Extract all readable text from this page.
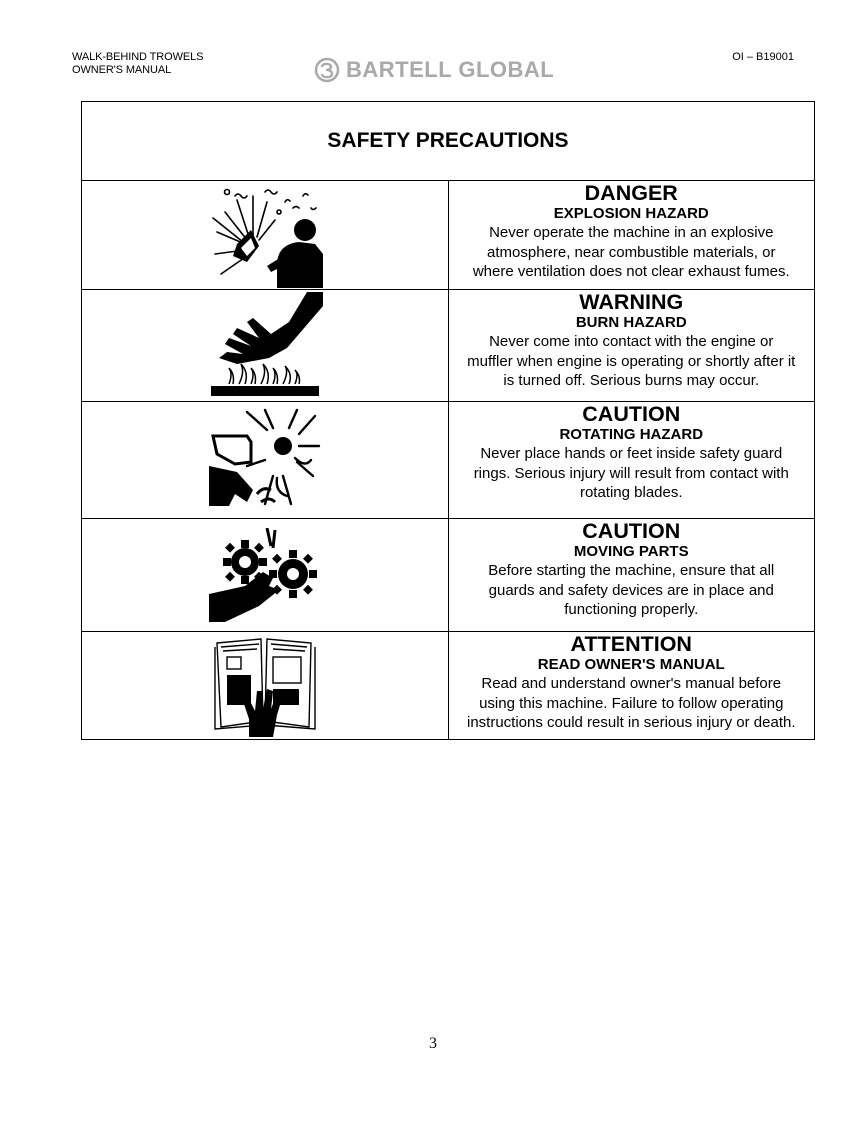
WALK-BEHIND TROWELS
OWNER'S MANUAL	BARTELL GLOBAL	OI – B19001
SAFETY PRECAUTIONS	

DANGER
EXPLOSION HAZARD
Never operate the machine in an explosive
atmosphere, near combustible materials, or
where ventilation does not clear exhaust fumes.

WARNING
BURN HAZARD
Never come into contact with the engine or
muffler when engine is operating or shortly after it
is turned off. Serious burns may occur.

CAUTION
ROTATING HAZARD
Never place hands or feet inside safety guard
rings. Serious injury will result from contact with
rotating blades.

CAUTION
MOVING PARTS
Before starting the machine, ensure that all
guards and safety devices are in place and
functioning properly.

ATTENTION
READ OWNER'S MANUAL
Read and understand owner's manual before
using this machine. Failure to follow operating
instructions could result in serious injury or death.
3
